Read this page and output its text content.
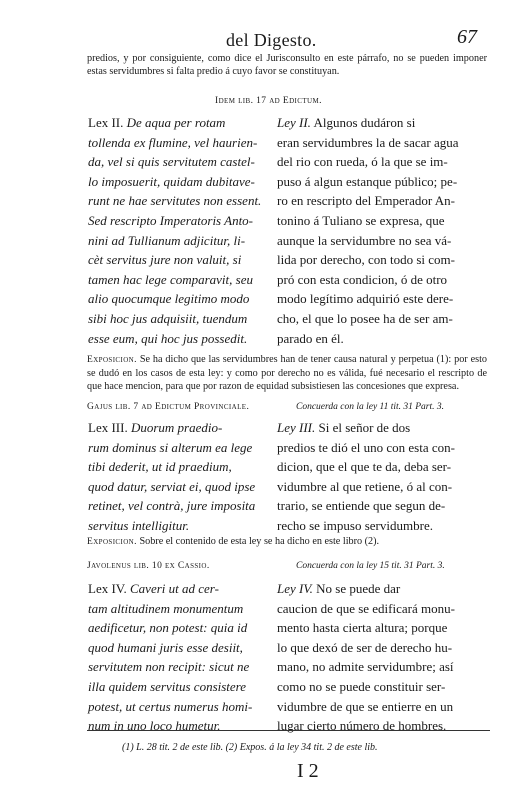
del Digesto.	67
predios, y por consiguiente, como dice el Jurisconsulto en este párrafo, no se pueden imponer estas servidumbres si falta predio á cuyo favor se constituyan.
Idem lib. 17 ad Edictum.
Lex II. De aqua per rotam
tollenda ex flumine, vel haurien-
da, vel si quis servitutem castel-
lo imposuerit, quidam dubitave-
runt ne hae servitutes non essent.
Sed rescripto Imperatoris Anto-
nini ad Tullianum adjicitur, li-
cèt servitus jure non valuit, si
tamen hac lege comparavit, seu
alio quocumque legitimo modo
sibi hoc jus adquisiit, tuendum
esse eum, qui hoc jus possedit.
Ley II. Algunos dudáron si
eran servidumbres la de sacar agua
del rio con rueda, ó la que se im-
puso á algun estanque público; pe-
ro en rescripto del Emperador An-
tonino á Tuliano se expresa, que
aunque la servidumbre no sea vá-
lida por derecho, con todo si com-
pró con esta condicion, ó de otro
modo legítimo adquirió este dere-
cho, el que lo posee ha de ser am-
parado en él.
Exposicion. Se ha dicho que las servidumbres han de tener causa natural y perpetua (1): por esto se dudó en los casos de esta ley: y como por derecho no es válida, fué necesario el rescripto de que hace mencion, para que por razon de equidad subsistiesen las concesiones que expresa.
Gajus lib. 7 ad Edictum Provinciale.	Concuerda con la ley 11 tit. 31 Part. 3.
Lex III. Duorum praedio-
rum dominus si alterum ea lege
tibi dederit, ut id praedium,
quod datur, serviat ei, quod ipse
retinet, vel contrà, jure imposita
servitus intelligitur.
Ley III. Si el señor de dos
predios te dió el uno con esta con-
dicion, que el que te da, deba ser-
vidumbre al que retiene, ó al con-
trario, se entiende que segun de-
recho se impuso servidumbre.
Exposicion. Sobre el contenido de esta ley se ha dicho en este libro (2).
Javolenus lib. 10 ex Cassio.	Concuerda con la ley 15 tit. 31 Part. 3.
Lex IV. Caveri ut ad cer-
tam altitudinem monumentum
aedificetur, non potest: quia id
quod humani juris esse desiit,
servitutem non recipit: sicut ne
illa quidem servitus consistere
potest, ut certus numerus homi-
num in uno loco humetur.
Ley IV. No se puede dar
caucion de que se edificará monu-
mento hasta cierta altura; porque
lo que dexó de ser de derecho hu-
mano, no admite servidumbre; así
como no se puede constituir ser-
vidumbre de que se entierre en un
lugar cierto número de hombres.
(1) L. 28 tit. 2 de este lib. (2) Expos. á la ley 34 tit. 2 de este lib.
I 2
